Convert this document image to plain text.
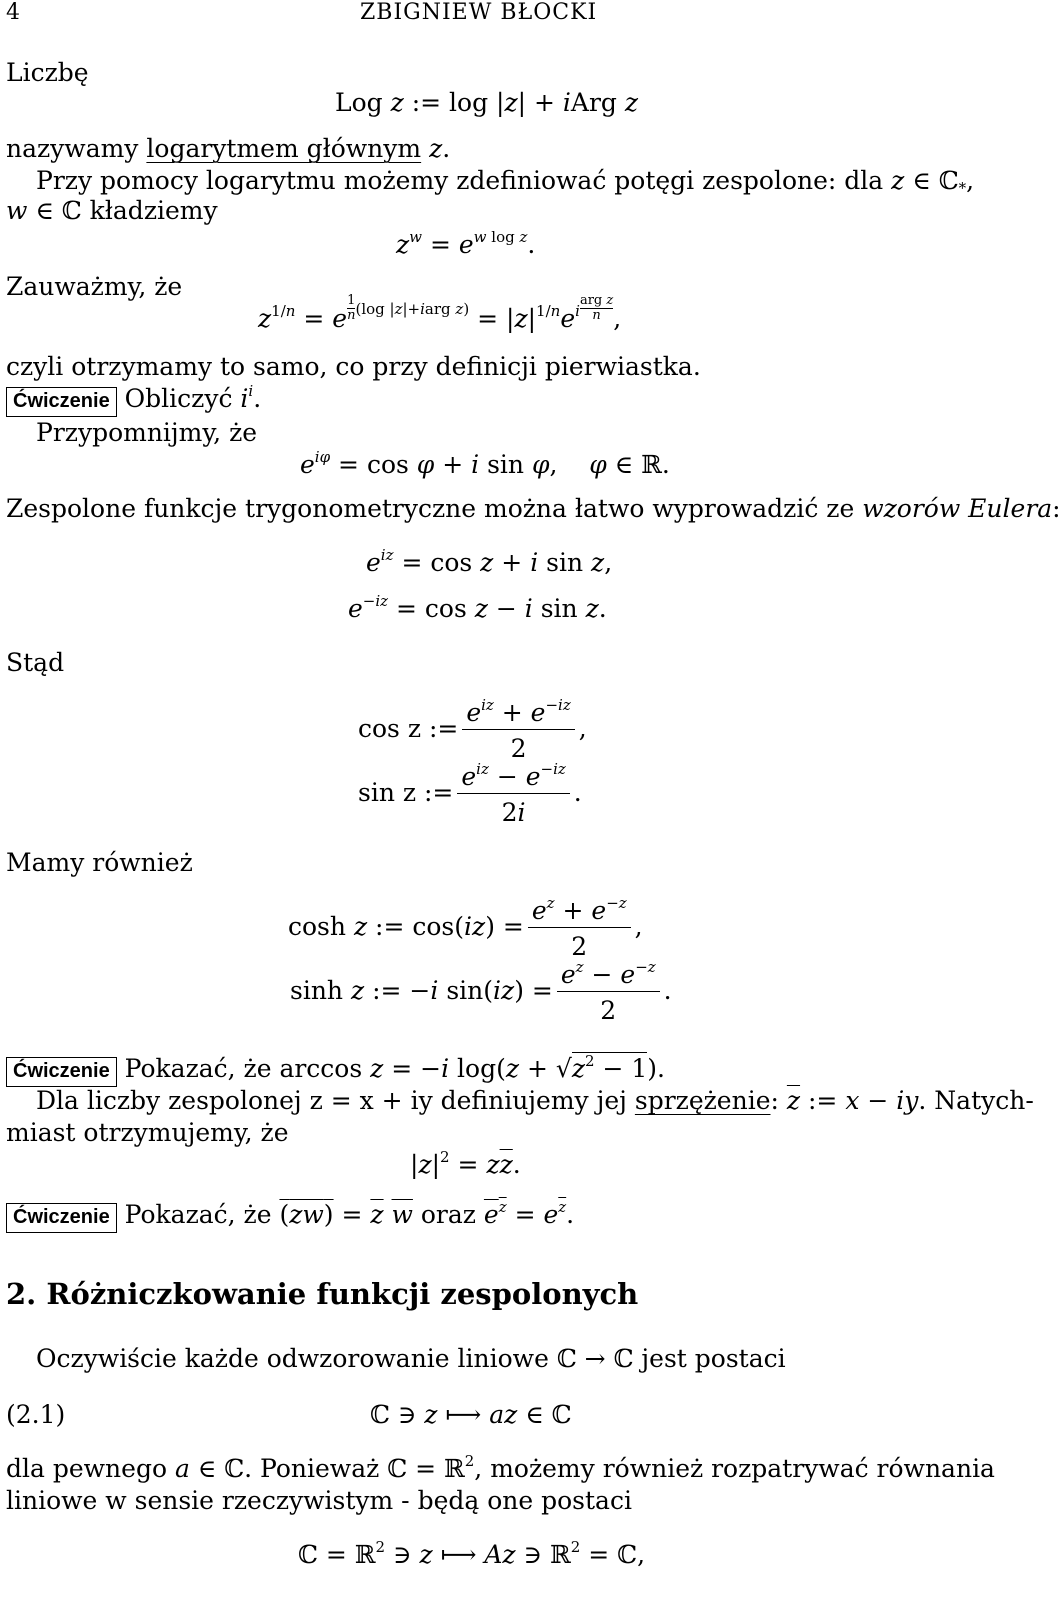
4	ZBIGNIEW BŁOCKI
Liczbę
Log z := log |z| + iArg z
nazywamy logarytmem głównym z.
Przy pomocy logarytmu możemy zdefiniować potęgi zespolone: dla z ∈ ℂ$_*$,
w ∈ ℂ kładziemy
$z^w = e^{w log z}$.
Zauważmy, że
$z^{1/n} = e \frac{1}{n} ^{(log |z|+iarg z)} = |z|^{1/n}e^i$
arg z
n ,
czyli otrzymamy to samo, co przy definicji pierwiastka.
Ćwiczenie Obliczyć $i^i$.
Przypomnijmy, że
$e^{i\varphi} = \cos \varphi + i$ sin φ,    φ ∈ ℝ.
Zespolone funkcje trygonometryczne można łatwo wyprowadzić ze wzorów Eulera:
$e^{iz} = \cos z + i$ sin z,
$e^{-iz} = \cos z - i$ sin z.
Stąd
cos z := $\frac{e^{iz} + e^{-iz}}{2}$ ,
sin z := $\frac{e^{iz} - e^{-iz}}{2i}$ .
Mamy również
cosh z := $\cos(iz) = \frac{e^z + e^{-z}}{2}$ ,
sinh z := −i $\sin(iz) = \frac{e^z - e^{-z}}{2}$ .
Ćwiczenie Pokazać, że arccos z = −i $\log(z + √z^2 - 1)$.
Dla liczby zespolonej z = x + iy definiujemy jej sprzężenie: $\overline{z}$ := x − iy. Natych-
miast otrzymujemy, że
$|z|^2 = z\overline{z}$.
Ćwiczenie Pokazać, że $(zw) = \overline{z}$ $\overline{w}$ oraz $e^z = e^{\overline{z}}$.
2. Różniczkowanie funkcji zespolonych
Oczywiście każde odwzorowanie liniowe ℂ → ℂ jest postaci
(2.1)	ℂ ∋ z ⟼ az ∈ ℂ
dla pewnego a ∈ ℂ. Ponieważ ℂ = ℝ$^2$, możemy również rozpatrywać równania
liniowe w sensie rzeczywistym - będą one postaci
ℂ = ℝ$^2$ ∋ z ⟼ Az ∋ ℝ$^2$ = ℂ,
